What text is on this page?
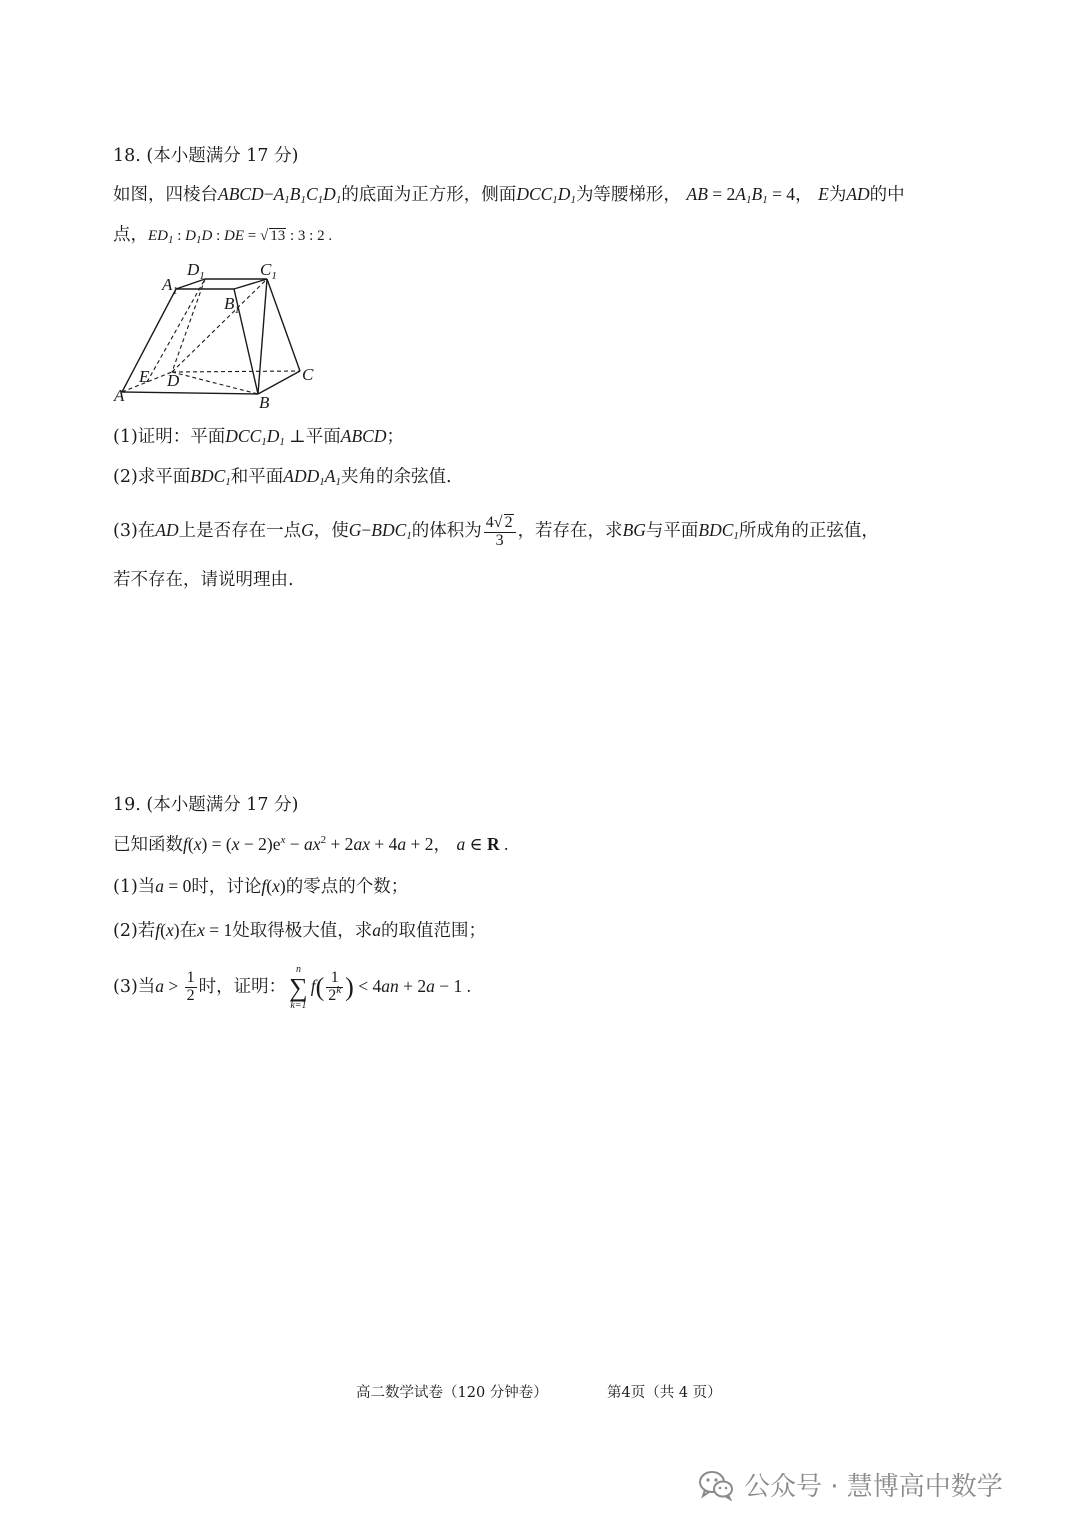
18. (本小题满分 17 分)
如图，四棱台$ABCD-A_1B_1C_1D_1$的底面为正方形，侧面$DCC_1D_1$为等腰梯形， AB = $2A_1B_1 = 4$， E为AD的中
点，$ED_1$ : $D_1D$ : DE = √ 13 : 3 : 2 .
$D_1$	$C_1$
$A_1$
$B_1$
E D	C
A	B
(1)证明：平面$DCC_1D_1$ ⊥平面ABCD；
(2)求平面$BDC_1$和平面$ADD_1A_1$夹角的余弦值.
(3)在AD上是否存在一点G，使$G-BDC_1$的体积为 $\frac{4√ 2}{3}$ ，若存在，求BG与平面$BDC_1$所成角的正弦值，
若不存在，请说明理由.
19. (本小题满分 17 分)
已知函数$f(x) = (x - 2)e^x - ax^2 + 2ax + 4a + 2$， a ∈ R .
(1)当a = 0时，讨论f(x)的零点的个数；
(2)若f(x)在x = 1处取得极大值，求a的取值范围；
(3)当$a > \frac{1}{2}$ 时，证明：
n
∑
k=1
$f( \frac{1}{2^k}$ ) < 4an + 2a − 1 .
高二数学试卷（120 分钟卷）	第4页（共 4 页）
公众号 · 慧博高中数学
